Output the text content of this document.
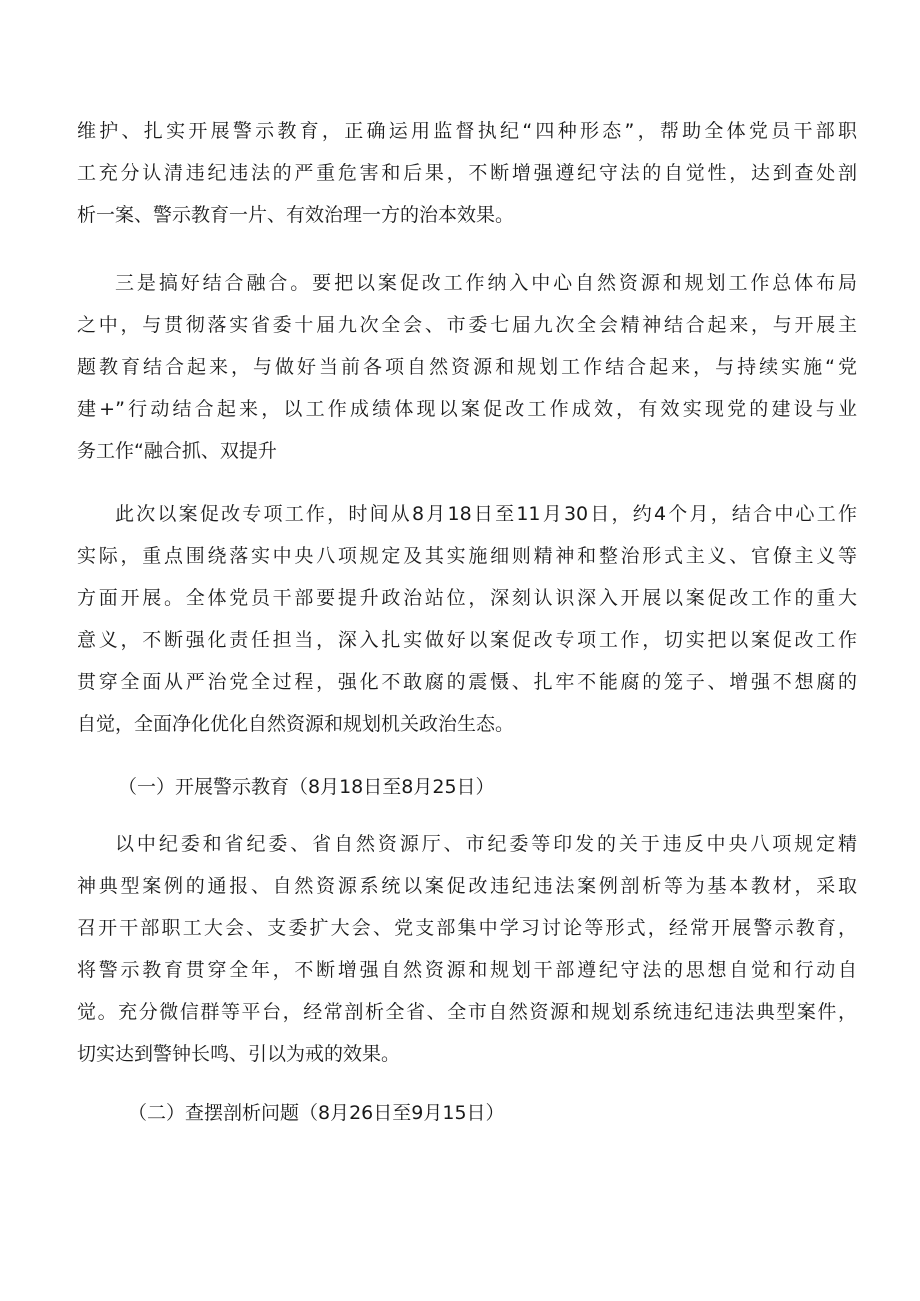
维护、扎实开展警示教育，正确运用监督执纪“四种形态”，帮助全体党员干部职
工充分认清违纪违法的严重危害和后果，不断增强遵纪守法的自觉性，达到查处剖
析一案、警示教育一片、有效治理一方的治本效果。
三是搞好结合融合。要把以案促改工作纳入中心自然资源和规划工作总体布局
之中，与贯彻落实省委十届九次全会、市委七届九次全会精神结合起来，与开展主
题教育结合起来，与做好当前各项自然资源和规划工作结合起来，与持续实施“党
建+”行动结合起来，以工作成绩体现以案促改工作成效，有效实现党的建设与业
务工作“融合抓、双提升
此次以案促改专项工作，时间从8月18日至11月30日，约4个月，结合中心工作
实际，重点围绕落实中央八项规定及其实施细则精神和整治形式主义、官僚主义等
方面开展。全体党员干部要提升政治站位，深刻认识深入开展以案促改工作的重大
意义，不断强化责任担当，深入扎实做好以案促改专项工作，切实把以案促改工作
贯穿全面从严治党全过程，强化不敢腐的震慑、扎牢不能腐的笼子、增强不想腐的
自觉，全面净化优化自然资源和规划机关政治生态。
（一）开展警示教育（8月18日至8月25日）
以中纪委和省纪委、省自然资源厅、市纪委等印发的关于违反中央八项规定精
神典型案例的通报、自然资源系统以案促改违纪违法案例剖析等为基本教材，采取
召开干部职工大会、支委扩大会、党支部集中学习讨论等形式，经常开展警示教育，
将警示教育贯穿全年，不断增强自然资源和规划干部遵纪守法的思想自觉和行动自
觉。充分微信群等平台，经常剖析全省、全市自然资源和规划系统违纪违法典型案件，
切实达到警钟长鸣、引以为戒的效果。
（二）查摆剖析问题（8月26日至9月15日）
